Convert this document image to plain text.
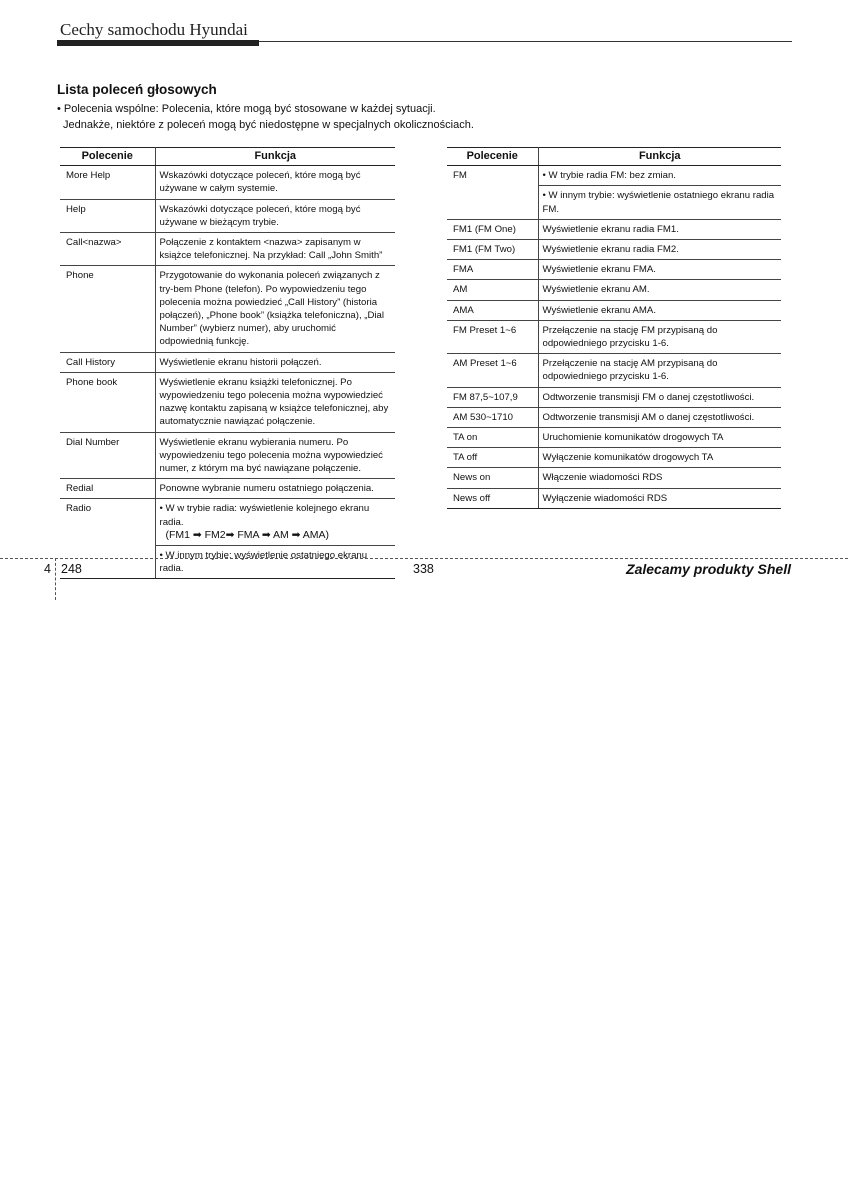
Cechy samochodu Hyundai
Lista poleceń głosowych
• Polecenia wspólne: Polecenia, które mogą być stosowane w każdej sytuacji.
Jednakże, niektóre z poleceń mogą być niedostępne w specjalnych okolicznościach.
Polecenie	Funkcja
More Help	Wskazówki dotyczące poleceń, które mogą być używane w całym systemie.
Help	Wskazówki dotyczące poleceń, które mogą być używane w bieżącym trybie.
Call<nazwa>	Połączenie z kontaktem <nazwa> zapisanym w książce telefonicznej. Na przykład: Call „John Smith”
Phone	Przygotowanie do wykonania poleceń związanych z try-bem Phone (telefon). Po wypowiedzeniu tego polecenia można powiedzieć „Call History” (historia połączeń), „Phone book” (książka telefoniczna), „Dial Number” (wybierz numer), aby uruchomić odpowiednią funkcję.
Call History	Wyświetlenie ekranu historii połączeń.
Phone book	Wyświetlenie ekranu książki telefonicznej. Po wypowiedzeniu tego polecenia można wypowiedzieć nazwę kontaktu zapisaną w książce telefonicznej, aby automatycznie nawiązać połączenie.
Dial Number	Wyświetlenie ekranu wybierania numeru. Po wypowiedzeniu tego polecenia można wypowiedzieć numer, z którym ma być nawiązane połączenie.
Redial	Ponowne wybranie numeru ostatniego połączenia.
Radio	• W w trybie radia: wyświetlenie kolejnego ekranu radia.
(FM1 ➡ FM2➡ FMA ➡ AM ➡ AMA)
• W innym trybie: wyświetlenie ostatniego ekranu radia.
Polecenie	Funkcja
FM	• W trybie radia FM: bez zmian.
• W innym trybie: wyświetlenie ostatniego ekranu radia FM.

FM1 (FM One)	Wyświetlenie ekranu radia FM1.
FM1 (FM Two)	Wyświetlenie ekranu radia FM2.
FMA	Wyświetlenie ekranu FMA.
AM	Wyświetlenie ekranu AM.
AMA	Wyświetlenie ekranu AMA.
FM Preset 1~6	Przełączenie na stację FM przypisaną do odpowiedniego przycisku 1-6.
AM Preset 1~6	Przełączenie na stację AM przypisaną do odpowiedniego przycisku 1-6.
FM 87,5~107,9	Odtworzenie transmisji FM o danej częstotliwości.
AM 530~1710	Odtworzenie transmisji AM o danej częstotliwości.
TA on	Uruchomienie komunikatów drogowych TA
TA off	Wyłączenie komunikatów drogowych TA
News on	Włączenie wiadomości RDS
News off	Wyłączenie wiadomości RDS
4 248	338	Zalecamy produkty Shell
